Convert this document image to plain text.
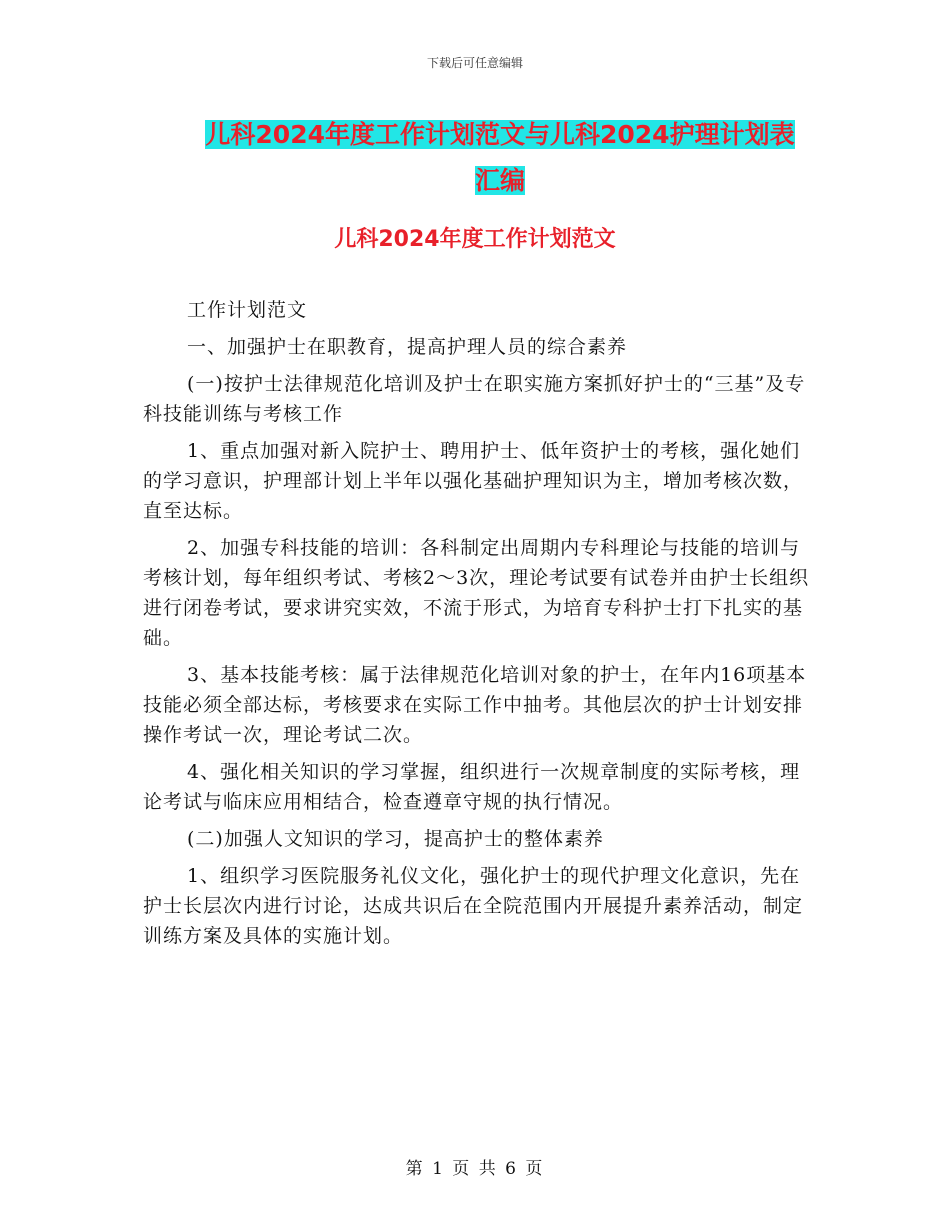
下载后可任意编辑
儿科2024年度工作计划范文与儿科2024护理计划表
汇编
儿科2024年度工作计划范文

工作计划范文

一、加强护士在职教育，提高护理人员的综合素养

(一)按护士法律规范化培训及护士在职实施方案抓好护士的“三基”及专科技能训练与考核工作

1、重点加强对新入院护士、聘用护士、低年资护士的考核，强化她们的学习意识，护理部计划上半年以强化基础护理知识为主，增加考核次数，直至达标。

2、加强专科技能的培训：各科制定出周期内专科理论与技能的培训与考核计划，每年组织考试、考核2～3次，理论考试要有试卷并由护士长组织进行闭卷考试，要求讲究实效，不流于形式，为培育专科护士打下扎实的基础。

3、基本技能考核：属于法律规范化培训对象的护士，在年内16项基本技能必须全部达标，考核要求在实际工作中抽考。其他层次的护士计划安排操作考试一次，理论考试二次。

4、强化相关知识的学习掌握，组织进行一次规章制度的实际考核，理论考试与临床应用相结合，检查遵章守规的执行情况。

(二)加强人文知识的学习，提高护士的整体素养

1、组织学习医院服务礼仪文化，强化护士的现代护理文化意识，先在护士长层次内进行讨论，达成共识后在全院范围内开展提升素养活动，制定训练方案及具体的实施计划。

第 1 页 共 6 页
